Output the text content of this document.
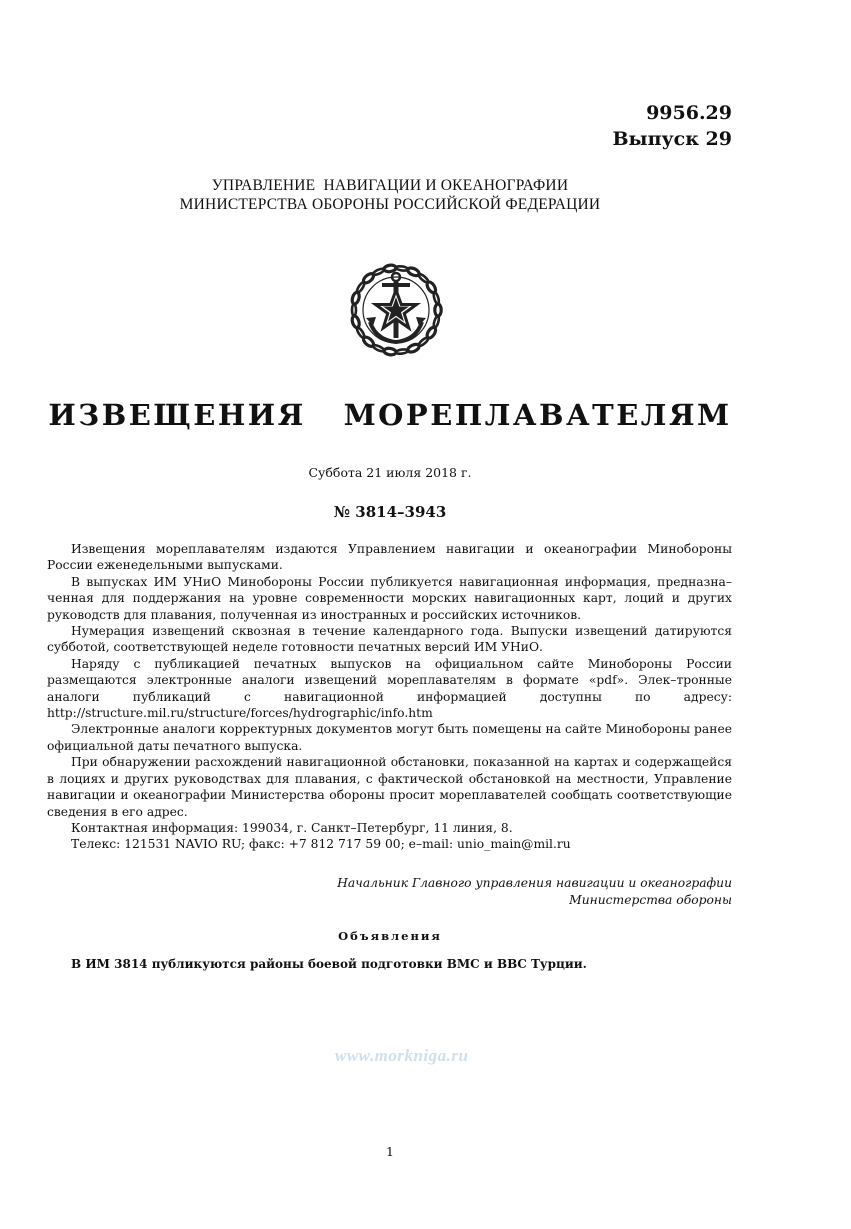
9956.29
Выпуск 29
УПРАВЛЕНИЕ  НАВИГАЦИИ И ОКЕАНОГРАФИИ
МИНИСТЕРСТВА ОБОРОНЫ РОССИЙСКОЙ ФЕДЕРАЦИИ
ИЗВЕЩЕНИЯ   МОРЕПЛАВАТЕЛЯМ
Суббота 21 июля 2018 г.
№ 3814–3943

Извещения мореплавателям издаются Управлением навигации и океанографии Минобороны России еженедельными выпусками.

В выпусках ИМ УНиО Минобороны России публикуется навигационная информация, предназна–ченная для поддержания на уровне современности морских навигационных карт, лоций и других руководств для плавания, полученная из иностранных и российских источников.

Нумерация извещений сквозная в течение календарного года. Выпуски извещений датируются субботой, соответствующей неделе готовности печатных версий ИМ УНиО.

Наряду с публикацией печатных выпусков на официальном сайте Минобороны России размещаются электронные аналоги извещений мореплавателям в формате «pdf». Элек–тронные аналоги публикаций с навигационной информацией доступны по адресу: http://structure.mil.ru/structure/forces/hydrographic/info.htm

Электронные аналоги корректурных документов могут быть помещены на сайте Минобороны ранее официальной даты печатного выпуска.

При обнаружении расхождений навигационной обстановки, показанной на картах и содержащейся в лоциях и других руководствах для плавания, с фактической обстановкой на местности, Управление навигации и океанографии Министерства обороны просит мореплавателей сообщать соответствующие сведения в его адрес.

Контактная информация: 199034, г. Санкт–Петербург, 11 линия, 8.

Телекс: 121531 NAVIO RU; факс: +7 812 717 59 00; e–mail: unio_main@mil.ru

Начальник Главного управления навигации и океанографии
Министерства обороны
Объявления
В ИМ 3814 публикуются районы боевой подготовки ВМС и ВВС Турции.
www.morkniga.ru
1
